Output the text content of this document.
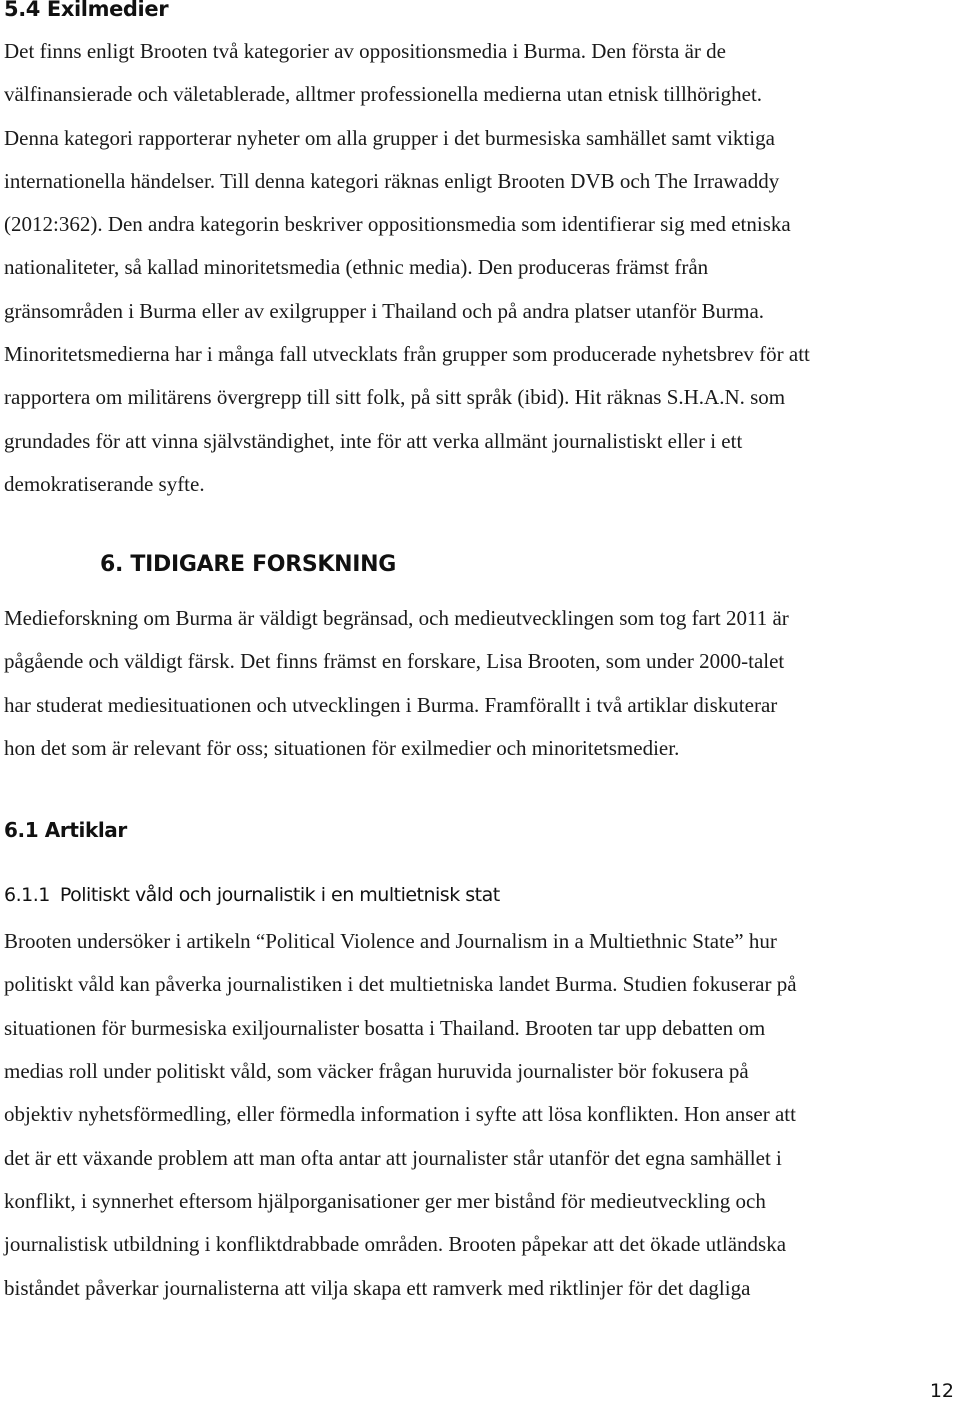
5.4 Exilmedier

Det finns enligt Brooten två kategorier av oppositionsmedia i Burma. Den första är de
välfinansierade och väletablerade, alltmer professionella medierna utan etnisk tillhörighet.
Denna kategori rapporterar nyheter om alla grupper i det burmesiska samhället samt viktiga
internationella händelser. Till denna kategori räknas enligt Brooten DVB och The Irrawaddy
(2012:362). Den andra kategorin beskriver oppositionsmedia som identifierar sig med etniska
nationaliteter, så kallad minoritetsmedia (ethnic media). Den produceras främst från
gränsområden i Burma eller av exilgrupper i Thailand och på andra platser utanför Burma.
Minoritetsmedierna har i många fall utvecklats från grupper som producerade nyhetsbrev för att
rapportera om militärens övergrepp till sitt folk, på sitt språk (ibid). Hit räknas S.H.A.N. som
grundades för att vinna självständighet, inte för att verka allmänt journalistiskt eller i ett
demokratiserande syfte.

6. TIDIGARE FORSKNING

Medieforskning om Burma är väldigt begränsad, och medieutvecklingen som tog fart 2011 är
pågående och väldigt färsk. Det finns främst en forskare, Lisa Brooten, som under 2000-talet
har studerat mediesituationen och utvecklingen i Burma. Framförallt i två artiklar diskuterar
hon det som är relevant för oss; situationen för exilmedier och minoritetsmedier.

6.1 Artiklar
6.1.1 Politiskt våld och journalistik i en multietnisk stat

Brooten undersöker i artikeln “Political Violence and Journalism in a Multiethnic State” hur
politiskt våld kan påverka journalistiken i det multietniska landet Burma. Studien fokuserar på
situationen för burmesiska exiljournalister bosatta i Thailand. Brooten tar upp debatten om
medias roll under politiskt våld, som väcker frågan huruvida journalister bör fokusera på
objektiv nyhetsförmedling, eller förmedla information i syfte att lösa konflikten. Hon anser att
det är ett växande problem att man ofta antar att journalister står utanför det egna samhället i
konflikt, i synnerhet eftersom hjälporganisationer ger mer bistånd för medieutveckling och
journalistisk utbildning i konfliktdrabbade områden. Brooten påpekar att det ökade utländska
biståndet påverkar journalisterna att vilja skapa ett ramverk med riktlinjer för det dagliga

12
